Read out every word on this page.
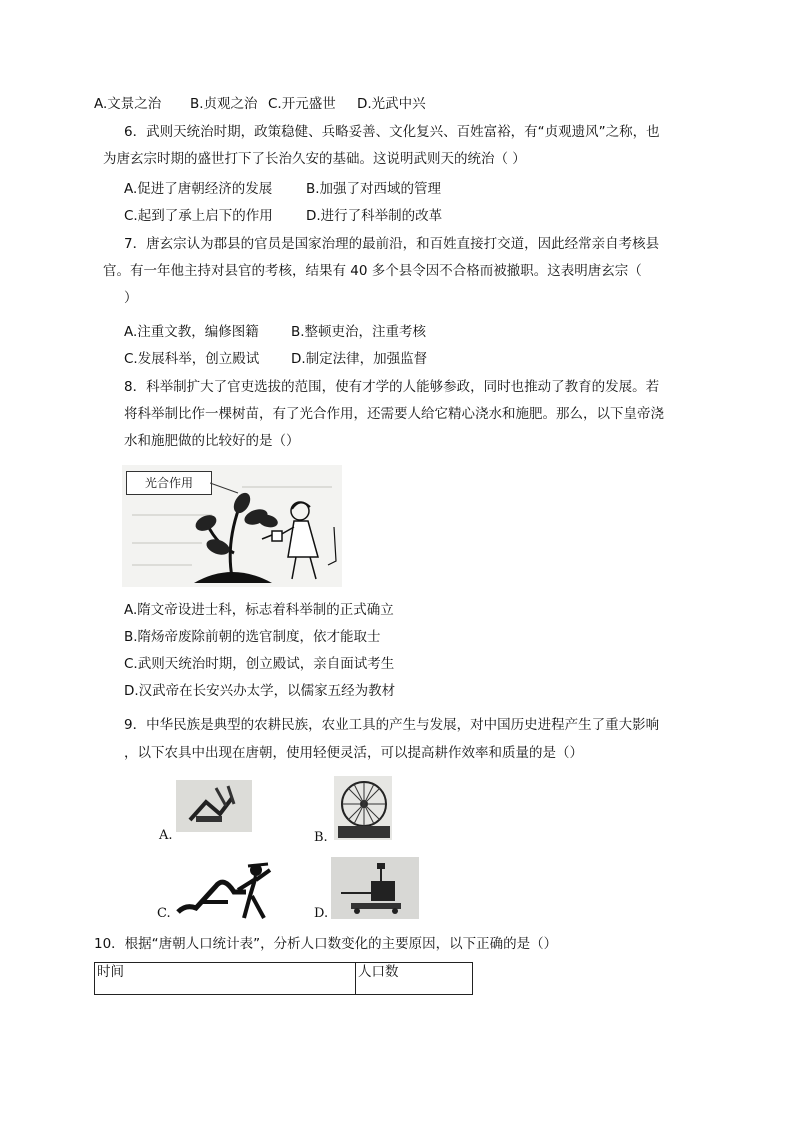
A.文景之治 B.贞观之治 C.开元盛世 D.光武中兴
6．武则天统治时期，政策稳健、兵略妥善、文化复兴、百姓富裕，有“贞观遗风”之称，也
为唐玄宗时期的盛世打下了长治久安的基础。这说明武则天的统治（ ）
A.促进了唐朝经济的发展 B.加强了对西域的管理
C.起到了承上启下的作用 D.进行了科举制的改革
7．唐玄宗认为郡县的官员是国家治理的最前沿，和百姓直接打交道，因此经常亲自考核县
官。有一年他主持对县官的考核，结果有 40 多个县令因不合格而被撤职。这表明唐玄宗（
）
A.注重文教，编修图籍 B.整顿吏治，注重考核
C.发展科举，创立殿试 D.制定法律，加强监督
8．科举制扩大了官吏选拔的范围，使有才学的人能够参政，同时也推动了教育的发展。若
将科举制比作一棵树苗，有了光合作用，还需要人给它精心浇水和施肥。那么，以下皇帝浇
水和施肥做的比较好的是（）
光合作用
A.隋文帝设进士科，标志着科举制的正式确立
B.隋炀帝废除前朝的选官制度，依才能取士
C.武则天统治时期，创立殿试，亲自面试考生
D.汉武帝在长安兴办太学，以儒家五经为教材
9．中华民族是典型的农耕民族，农业工具的产生与发展，对中国历史进程产生了重大影响
，以下农具中出现在唐朝，使用轻便灵活，可以提高耕作效率和质量的是（）
A.	B.
C.	D.
10．根据“唐朝人口统计表”，分析人口数变化的主要原因，以下正确的是（）
时间	人口数
